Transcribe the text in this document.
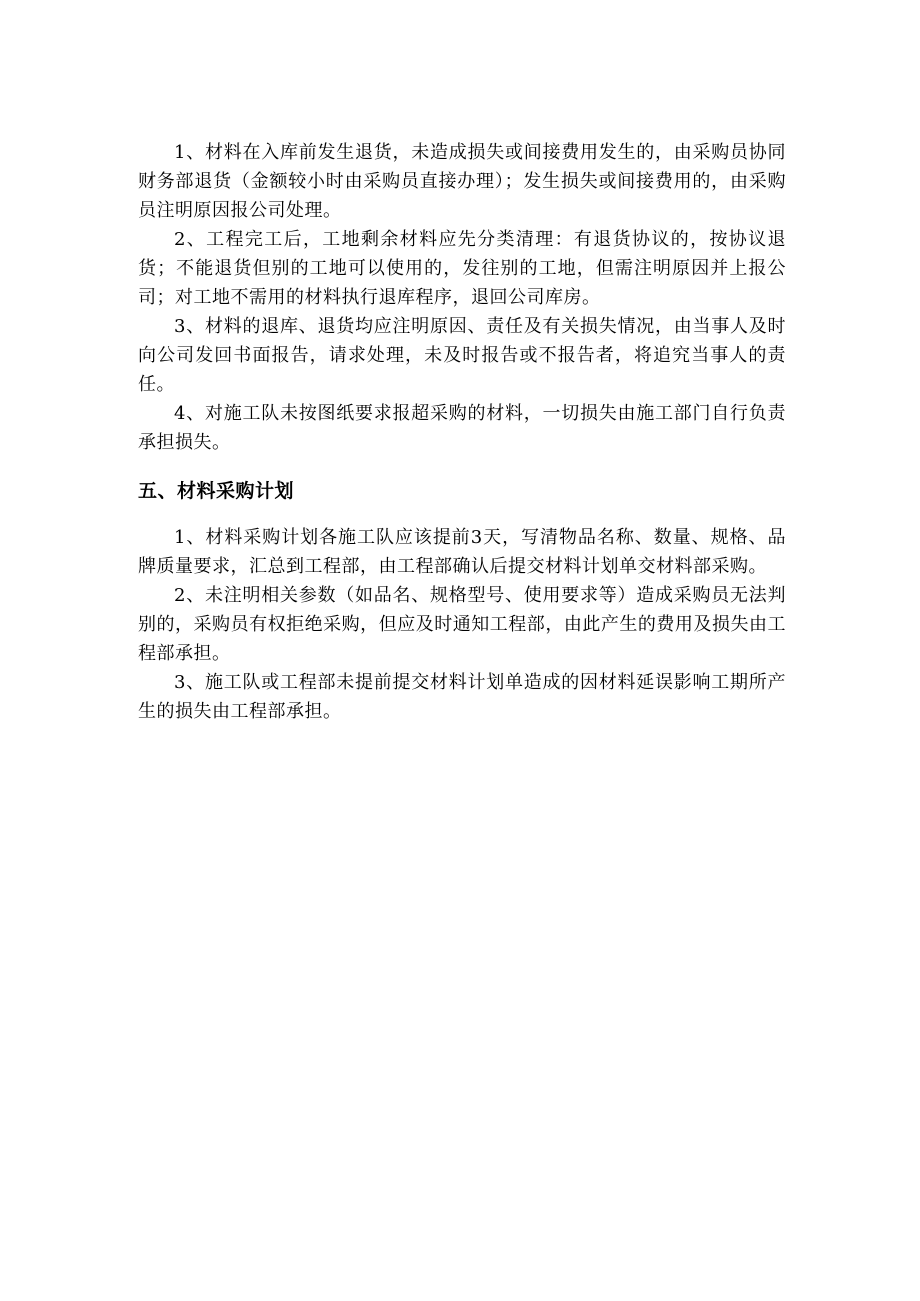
1、材料在入库前发生退货，未造成损失或间接费用发生的，由采购员协同财务部退货（金额较小时由采购员直接办理）；发生损失或间接费用的，由采购员注明原因报公司处理。

2、工程完工后，工地剩余材料应先分类清理：有退货协议的，按协议退货；不能退货但别的工地可以使用的，发往别的工地，但需注明原因并上报公司；对工地不需用的材料执行退库程序，退回公司库房。

3、材料的退库、退货均应注明原因、责任及有关损失情况，由当事人及时向公司发回书面报告，请求处理，未及时报告或不报告者，将追究当事人的责任。

4、对施工队未按图纸要求报超采购的材料，一切损失由施工部门自行负责承担损失。

五、材料采购计划

1、材料采购计划各施工队应该提前3天，写清物品名称、数量、规格、品牌质量要求，汇总到工程部，由工程部确认后提交材料计划单交材料部采购。

2、未注明相关参数（如品名、规格型号、使用要求等）造成采购员无法判别的，采购员有权拒绝采购，但应及时通知工程部，由此产生的费用及损失由工程部承担。

3、施工队或工程部未提前提交材料计划单造成的因材料延误影响工期所产生的损失由工程部承担。
